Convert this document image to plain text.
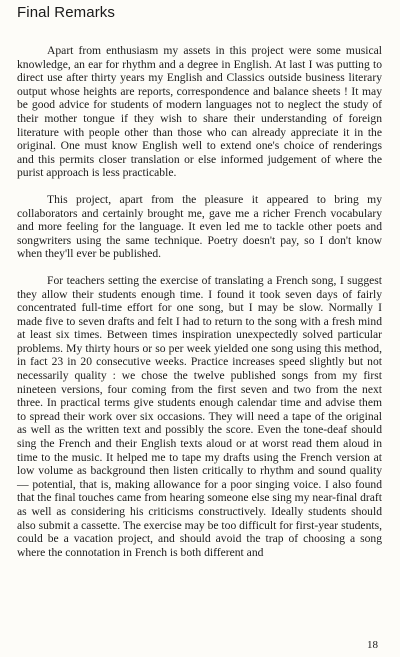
Final Remarks

Apart from enthusiasm my assets in this project were some musical knowledge, an ear for rhythm and a degree in English. At last I was putting to direct use after thirty years my English and Classics outside business literary output whose heights are reports, correspondence and balance sheets ! It may be good advice for students of modern languages not to neglect the study of their mother tongue if they wish to share their understanding of foreign literature with people other than those who can already appreciate it in the original. One must know English well to extend one's choice of renderings and this permits closer translation or else informed judgement of where the purist approach is less practicable.

This project, apart from the pleasure it appeared to bring my collaborators and certainly brought me, gave me a richer French vocabulary and more feeling for the language. It even led me to tackle other poets and songwriters using the same technique. Poetry doesn't pay, so I don't know when they'll ever be published.

For teachers setting the exercise of translating a French song, I suggest they allow their students enough time. I found it took seven days of fairly concentrated full-time effort for one song, but I may be slow. Normally I made five to seven drafts and felt I had to return to the song with a fresh mind at least six times. Between times inspiration unexpectedly solved particular problems. My thirty hours or so per week yielded one song using this method, in fact 23 in 20 consecutive weeks. Practice increases speed slightly but not necessarily quality : we chose the twelve published songs from my first nineteen versions, four coming from the first seven and two from the next three. In practical terms give students enough calendar time and advise them to spread their work over six occasions. They will need a tape of the original as well as the written text and possibly the score. Even the tone-deaf should sing the French and their English texts aloud or at worst read them aloud in time to the music. It helped me to tape my drafts using the French version at low volume as background then listen critically to rhythm and sound quality — potential, that is, making allowance for a poor singing voice. I also found that the final touches came from hearing someone else sing my near-final draft as well as considering his criticisms constructively. Ideally students should also submit a cassette. The exercise may be too difficult for first-year students, could be a vacation project, and should avoid the trap of choosing a song where the connotation in French is both different and

18
